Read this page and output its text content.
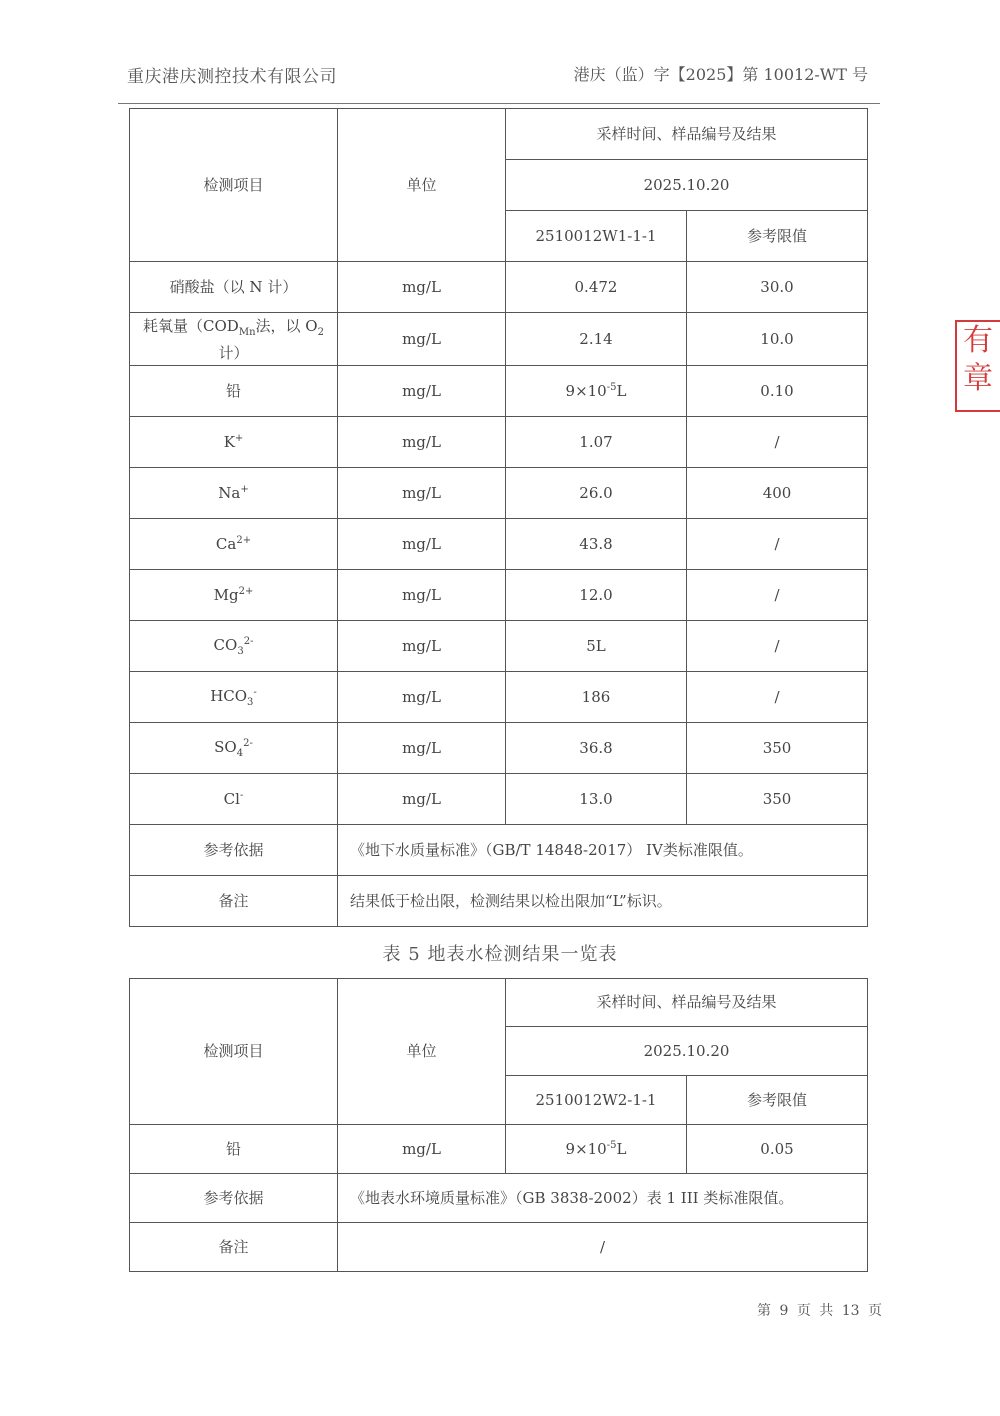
重庆港庆测控技术有限公司	港庆（监）字【2025】第 10012-WT 号
检测项目	单位	采样时间、样品编号及结果	
		2025.10.20	
		2510012W1-1-1	参考限值
硝酸盐（以 N 计）	mg/L	0.472	30.0
耗氧量（$COD_{Mn}$法，以 $O_2$ 计）	mg/L	2.14	10.0
铅	mg/L	$9\times 10^{-5}L$	0.10
K+	mg/L	1.07	/
Na+	mg/L	26.0	400
$Ca^{2+}$	mg/L	43.8	/
$Mg^{2+}$	mg/L	12.0	/
$CO_3^{2-}$	mg/L	5L	/
$HCO_3^-$	mg/L	186	/
$SO_4^{2-}$	mg/L	36.8	350
Cl-	mg/L	13.0	350
参考依据	《地下水质量标准》（GB/T 14848-2017） IV类标准限值。		
备注	结果低于检出限，检测结果以检出限加“L”标识。		
表 5 地表水检测结果一览表
检测项目	单位	采样时间、样品编号及结果	
		2025.10.20	
		2510012W2-1-1	参考限值
铅	mg/L	$9\times 10^{-5}L$	0.05
参考依据	《地表水环境质量标准》（GB 3838-2002）表 1 III 类标准限值。		
备注	/		
第 9 页 共 13 页
有
章
